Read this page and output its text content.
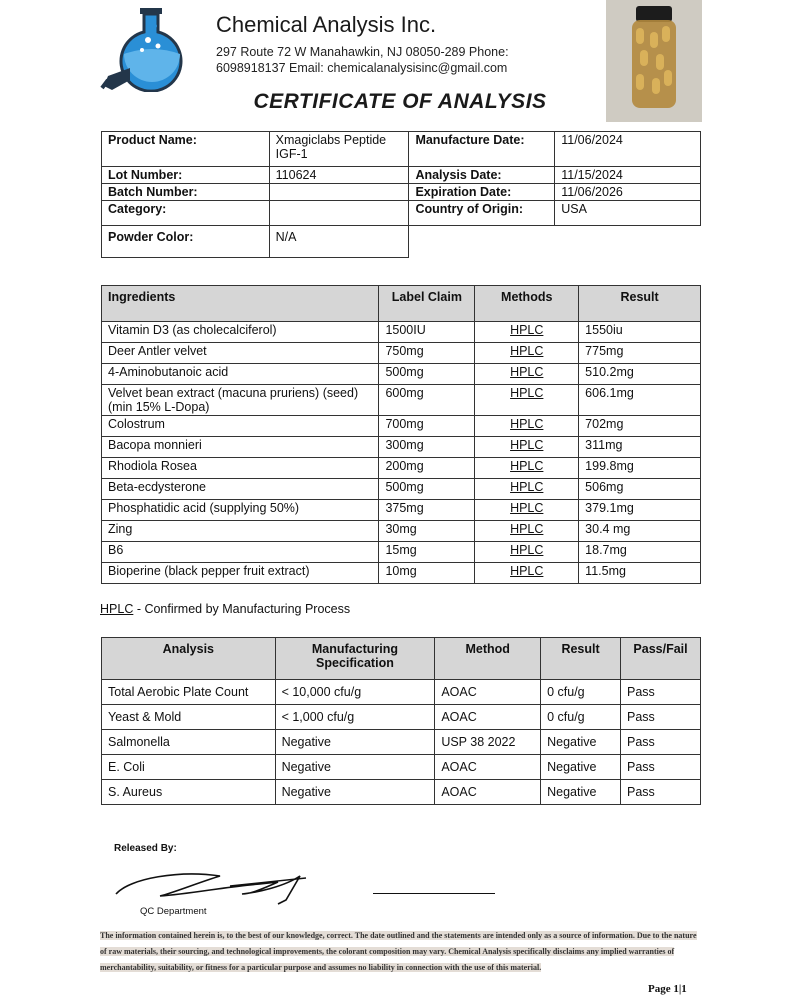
Chemical Analysis Inc.
297 Route 72 W Manahawkin, NJ 08050-289 Phone: 6098918137 Email: chemicalanalysisinc@gmail.com
CERTIFICATE OF ANALYSIS
Product Name:	Xmagiclabs Peptide IGF-1	Manufacture Date:	11/06/2024
Lot Number:	110624	Analysis Date:	11/15/2024
Batch Number:		Expiration Date:	11/06/2026
Category:		Country of Origin:	USA
Powder Color:	N/A		
Ingredients	Label Claim	Methods	Result
Vitamin D3 (as cholecalciferol)	1500IU	HPLC	1550iu
Deer Antler velvet	750mg	HPLC	775mg
4-Aminobutanoic acid	500mg	HPLC	510.2mg
Velvet bean extract (macuna pruriens) (seed) (min 15% L-Dopa)	600mg	HPLC	606.1mg
Colostrum	700mg	HPLC	702mg
Bacopa monnieri	300mg	HPLC	311mg
Rhodiola Rosea	200mg	HPLC	199.8mg
Beta-ecdysterone	500mg	HPLC	506mg
Phosphatidic acid (supplying 50%)	375mg	HPLC	379.1mg
Zing	30mg	HPLC	30.4 mg
B6	15mg	HPLC	18.7mg
Bioperine (black pepper fruit extract)	10mg	HPLC	11.5mg
HPLC - Confirmed by Manufacturing Process
Analysis	Manufacturing Specification	Method	Result	Pass/Fail
Total Aerobic Plate Count	< 10,000 cfu/g	AOAC	0 cfu/g	Pass
Yeast & Mold	< 1,000 cfu/g	AOAC	0 cfu/g	Pass
Salmonella	Negative	USP 38 2022	Negative	Pass
E. Coli	Negative	AOAC	Negative	Pass
S. Aureus	Negative	AOAC	Negative	Pass
Released By:
QC Department
The information contained herein is, to the best of our knowledge, correct. The date outlined and the statements are intended only as a source of information. Due to the nature of raw materials, their sourcing, and technological improvements, the colorant composition may vary. Chemical Analysis specifically disclaims any implied warranties of merchantability, suitability, or fitness for a particular purpose and assumes no liability in connection with the use of this material.
Page 1|1
